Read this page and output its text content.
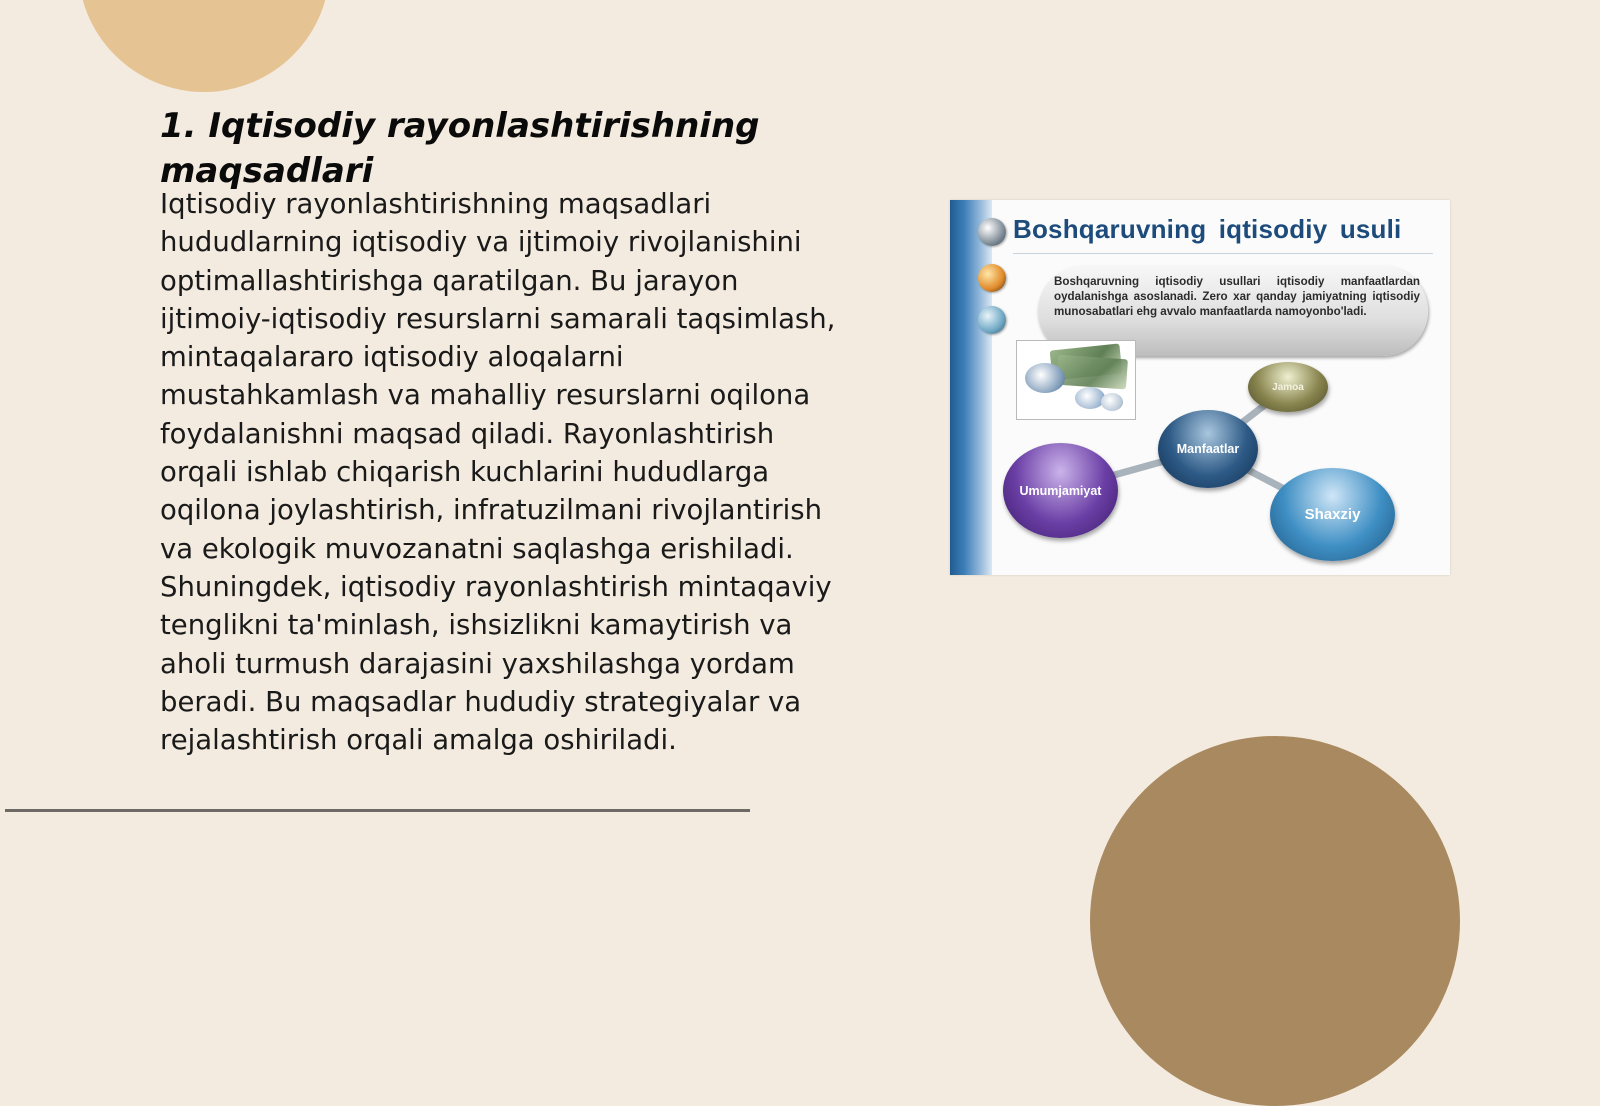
1. Iqtisodiy rayonlashtirishning maqsadlari

Iqtisodiy rayonlashtirishning maqsadlari hududlarning iqtisodiy va ijtimoiy rivojlanishini optimallashtirishga qaratilgan. Bu jarayon ijtimoiy-iqtisodiy resurslarni samarali taqsimlash, mintaqalararo iqtisodiy aloqalarni mustahkamlash va mahalliy resurslarni oqilona foydalanishni maqsad qiladi. Rayonlashtirish orqali ishlab chiqarish kuchlarini hududlarga oqilona joylashtirish, infratuzilmani rivojlantirish va ekologik muvozanatni saqlashga erishiladi. Shuningdek, iqtisodiy rayonlashtirish mintaqaviy tenglikni ta'minlash, ishsizlikni kamaytirish va aholi turmush darajasini yaxshilashga yordam beradi. Bu maqsadlar hududiy strategiyalar va rejalashtirish orqali amalga oshiriladi.

Boshqaruvning iqtisodiy usuli

Boshqaruvning iqtisodiy usullari iqtisodiy manfaatlardan oydalanishga asoslanadi. Zero xar qanday jamiyatning iqtisodiy munosabatlari ehg avvalo manfaatlarda namoyonbo'ladi.

Jamoa
Manfaatlar
Umumjamiyat
Shaxziy
